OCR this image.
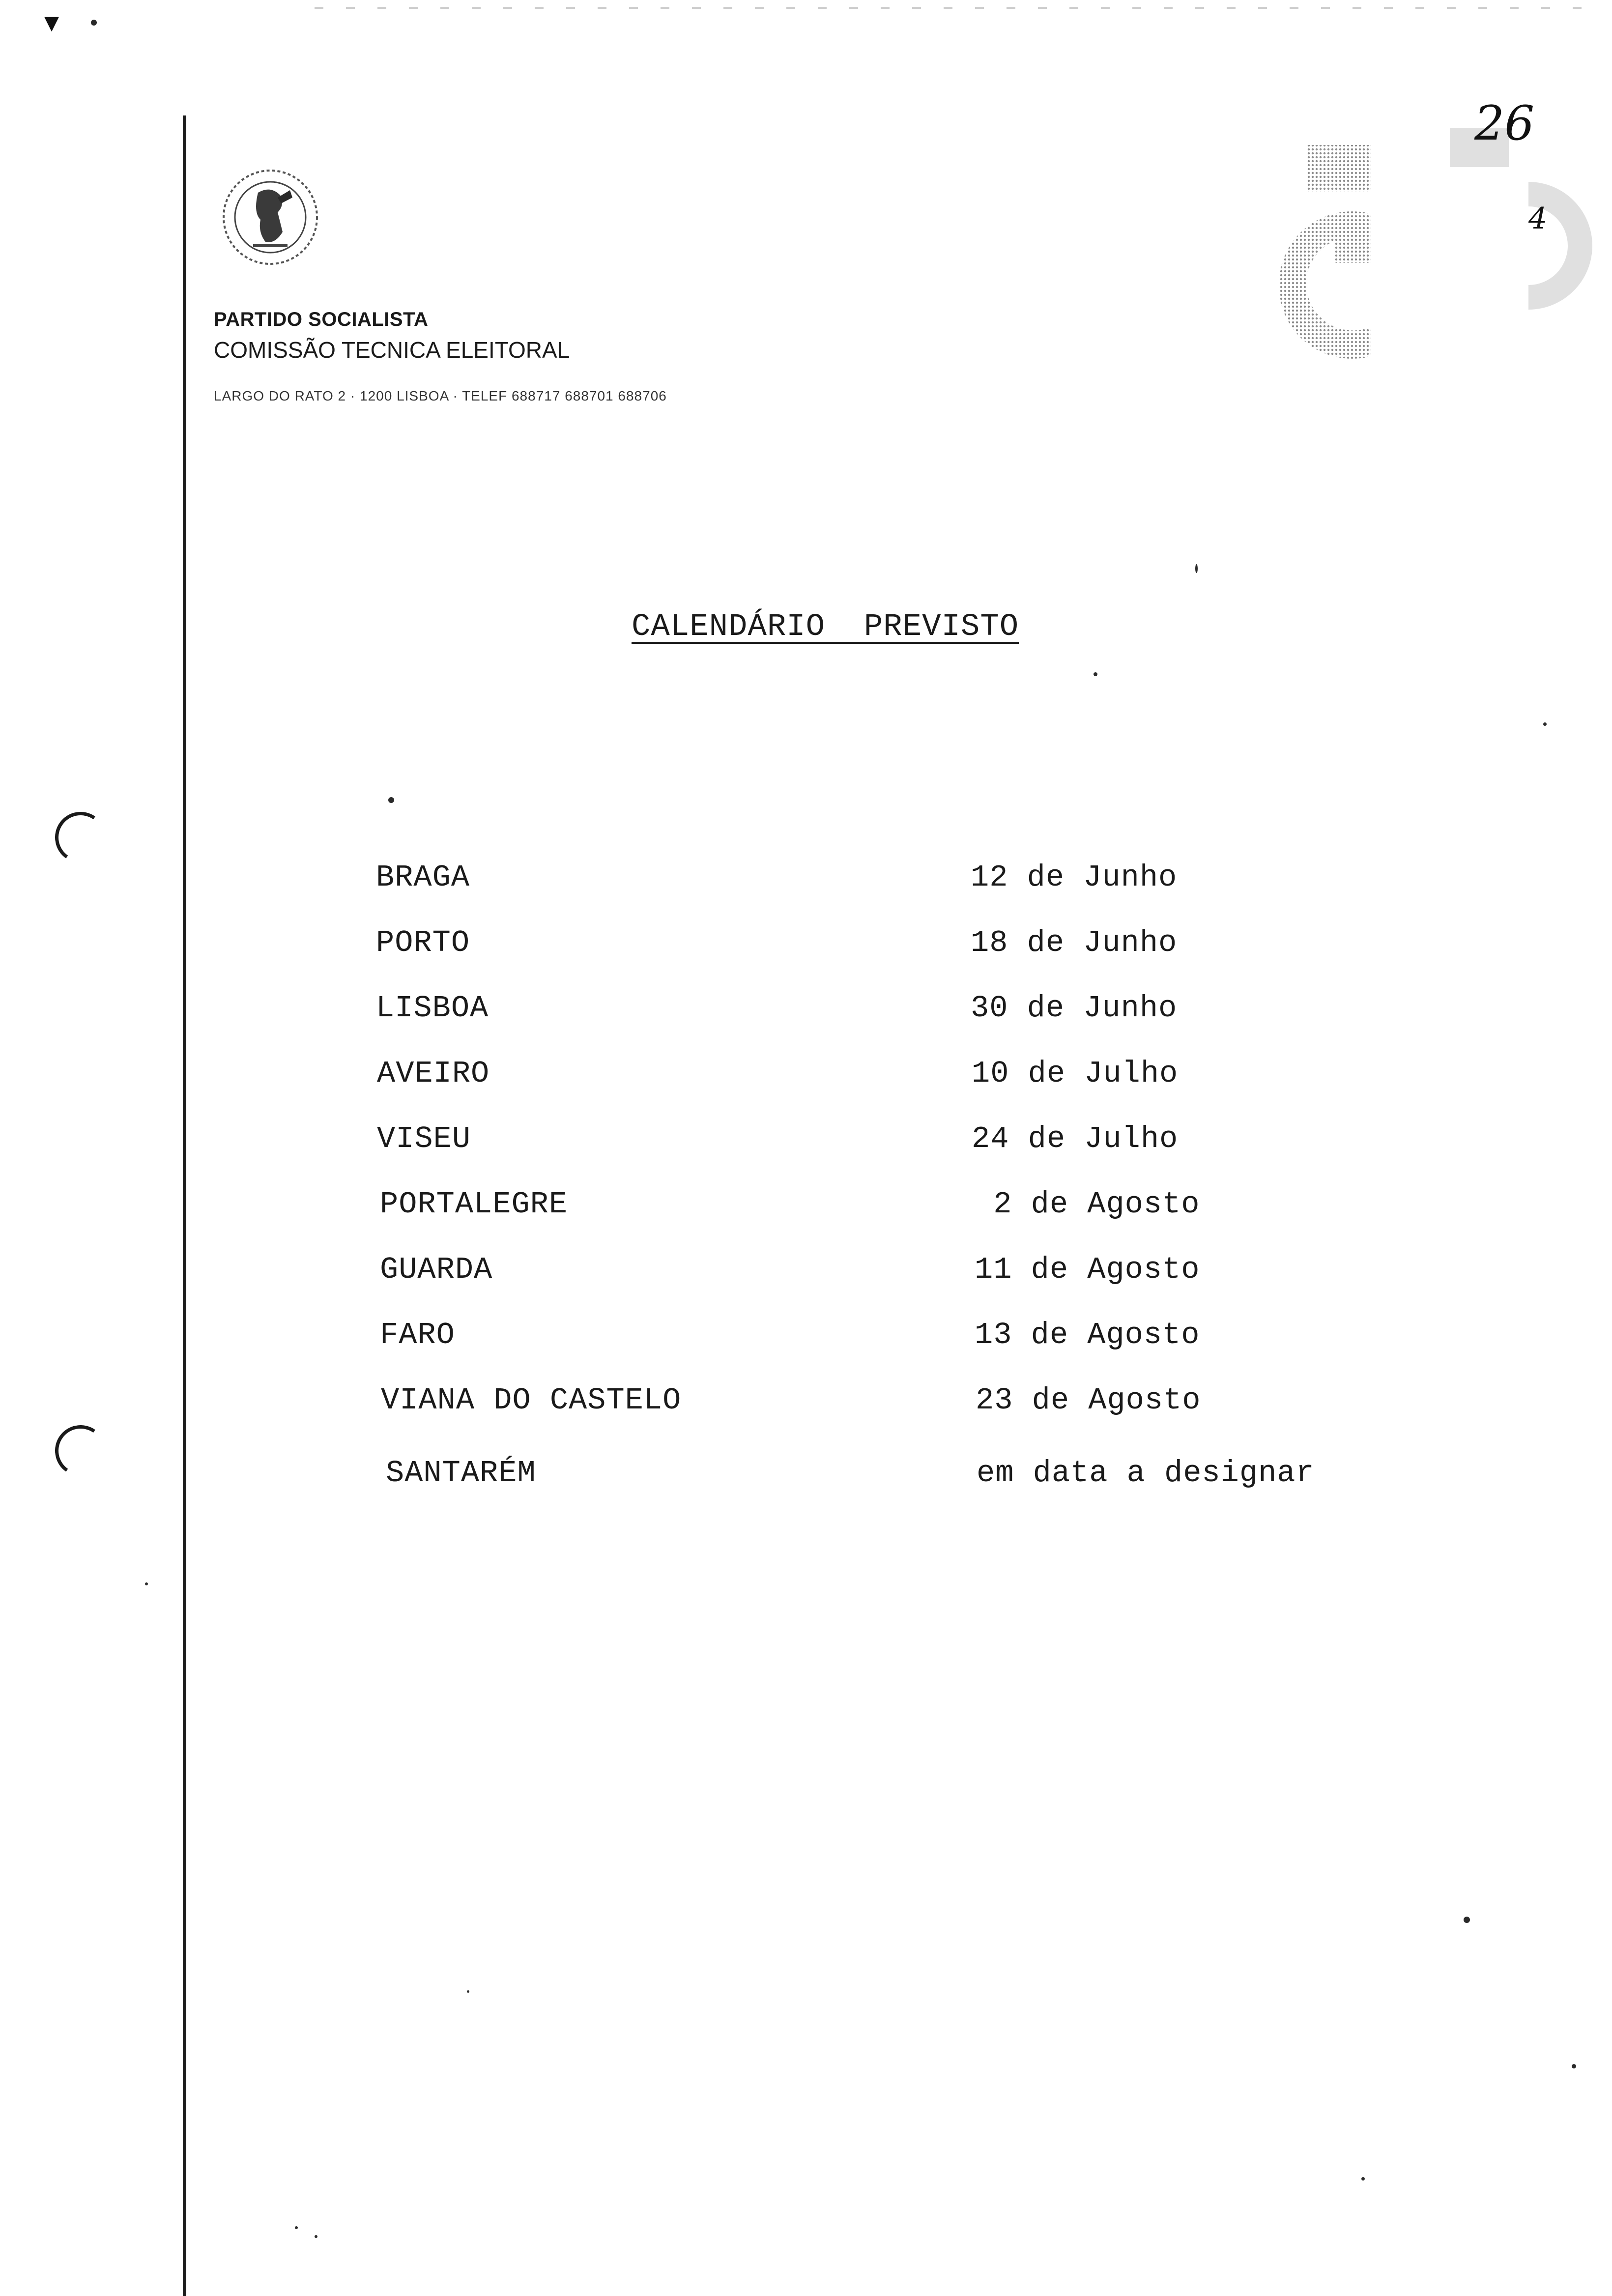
▾
PARTIDO SOCIALISTA
COMISSÃO TECNICA ELEITORAL
LARGO DO RATO 2 · 1200 LISBOA · TELEF 688717 688701 688706
26
4
CALENDÁRIO  PREVISTO
BRAGA	12 de Junho
PORTO	18 de Junho
LISBOA	30 de Junho
AVEIRO	10 de Julho
VISEU	24 de Julho
PORTALEGRE	2 de Agosto
GUARDA	11 de Agosto
FARO	13 de Agosto
VIANA DO CASTELO	23 de Agosto
SANTARÉM	em data a designar
